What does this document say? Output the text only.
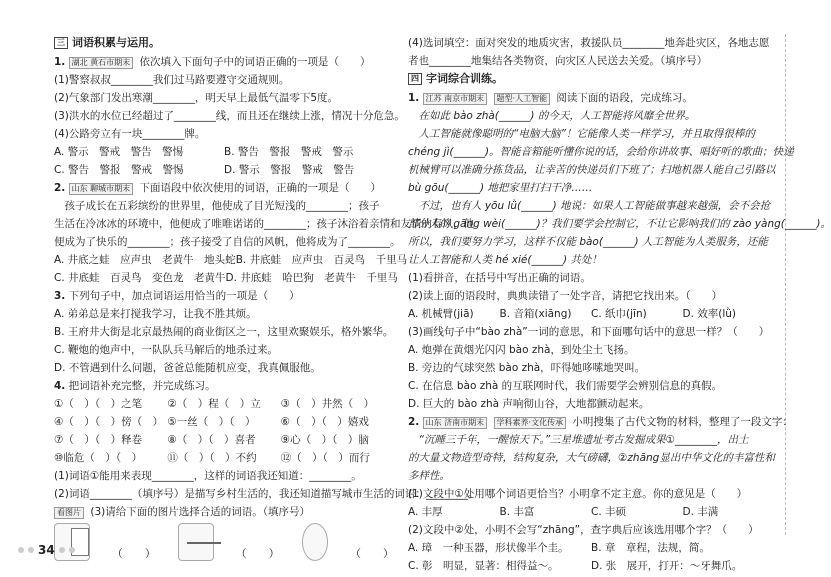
三 词语积累与运用。
1. 湖北 黄石市期末 依次填入下面句子中的词语正确的一项是（　　）
(1)警察叔叔________我们过马路要遵守交通规则。
(2)气象部门发出寒潮________，明天早上最低气温零下5度。
(3)洪水的水位已经超过了________线，而且还在继续上涨，情况十分危急。
(4)公路旁立有一块________牌。
A. 警示　警戒　警告　警惕	B. 警告　警报　警戒　警示
C. 警告　警报　警戒　警惕	D. 警示　警报　警戒　警告
2. 山东 聊城市期末 下面语段中依次使用的词语，正确的一项是（　　）
　孩子成长在五彩缤纷的世界里，他使成了目光短浅的________；孩子
生活在冷冰冰的环境中，他便成了唯唯诺诺的________；孩子沐浴着亲情和友情的春风，他
便成为了快乐的________；孩子接受了自信的风帆，他将成为了________。
A. 井底之蛙　应声虫　老黄牛　地头蛇 B. 井底蛙　应声虫　百灵鸟　千里马
C. 井底蛙　百灵鸟　变色龙　老黄牛 D. 井底蛙　哈巴狗　老黄牛　千里马
3. 下列句子中，加点词语运用恰当的一项是（　　）
A. 弟弟总是来打搅我学习，让我不胜其烦。
B. 王府井大街是北京最热闹的商业街区之一，这里欢聚娱乐，格外繁华。
C. 鞭炮的炮声中，一队队兵马解后的地杀过来。
D. 不管遇到什么问题，爸爸总能随机应变，我真佩服他。
4. 把词语补充完整，并完成练习。
①（　）（　）之笔	②（　）程（　）立	③（　）井然（　）
④（　）（　）傍（　） ⑤一丝（　）（　）	⑥（　）（　）嬉戏
⑦（　）（　）释卷	⑧（　）（　）喜者	⑨心（　）（　）脑
⑩临危（　）（　）	⑪（　）（　）不约	⑫（　）（　）而行
(1)词语①能用来表现________，这样的词语我还知道：________。
(2)词语________（填序号）是描写乡村生活的，我还知道描写城市生活的词语：________。
看图片 (3)请给下面的图片选择合适的词语。（填序号）
（　　）	（　　）	（　　）
34
(4)选词填空：面对突发的地质灾害，救援队员________地奔赴灾区，各地志愿
者也________地集结各类物资，向灾区人民送去关爱。（填序号）
四 字词综合训练。
1. 江苏 南京市期末 题型·人工智能 阅读下面的语段，完成练习。
　在如此 bào zhà(______) 的今天，人工智能将风靡全世界。
　人工智能就像聪明的“电脑大脑”！它能像人类一样学习，并且取得很棒的
chéng jì(______)。智能音箱能听懂你说的话，会给你讲故事、唱好听的歌曲；快递
机械臂可以准确分拣货品，让幸苦的快递员们下班了；扫地机器人能自己引路以
bù gōu(______) 地把家里打扫干净……
　不过，也有人 yōu lǜ(______) 地说：如果人工智能做事越来越强，会不会抢
部分人的 gāng wèi(______)？我们要学会控制它，不让它影响我们的 zào yàng(______)。
所以，我们要努力学习，这样不仅能 bào(______) 人工智能为人类服务，还能
让人工智能和人类 hé xié(______) 共处！
(1)看拼音，在括号中写出正确的词语。
(2)读上面的语段时，典典读错了一处字音，请把它找出来。（　　）
A. 机械臂(jiā)	B. 音箱(xiāng)	C. 纸巾(jīn)	D. 效率(lǜ)
(3)画线句子中“bào zhà”一词的意思，和下面哪句话中的意思一样？（　　）
A. 炮弹在黄烟光闪闪 bào zhà，到处尘土飞扬。
B. 旁边的气球突然 bào zhà，吓得她哆嗦地哭叫。
C. 在信息 bào zhà 的互联网时代，我们需要学会辨别信息的真假。
D. 巨大的 bào zhà 声响彻山谷，大地都颤动起来。
2. 山东 济南市期末 学科素养·文化传承 小明搜集了古代文物的材料，整理了一段文字：
　“沉睡三千年，一醒惊天下。”三星堆遗址考古发掘成果①________，出土
的大量文物造型奇特，结构复杂，大气磅礴，②zhāng显出中华文化的丰富性和
多样性。
(1)文段中①处用哪个词语更恰当？小明拿不定主意。你的意见是（　　）
A. 丰厚	B. 丰富	C. 丰硕	D. 丰满
(2)文段中②处，小明不会写“zhāng”，查字典后应该选用哪个字？（　　）
A. 璋　一种玉器，形状像半个圭。	B. 章　章程，法规，简。
C. 彰　明显，显著：相得益～。	D. 张　展开，打开：～牙舞爪。
